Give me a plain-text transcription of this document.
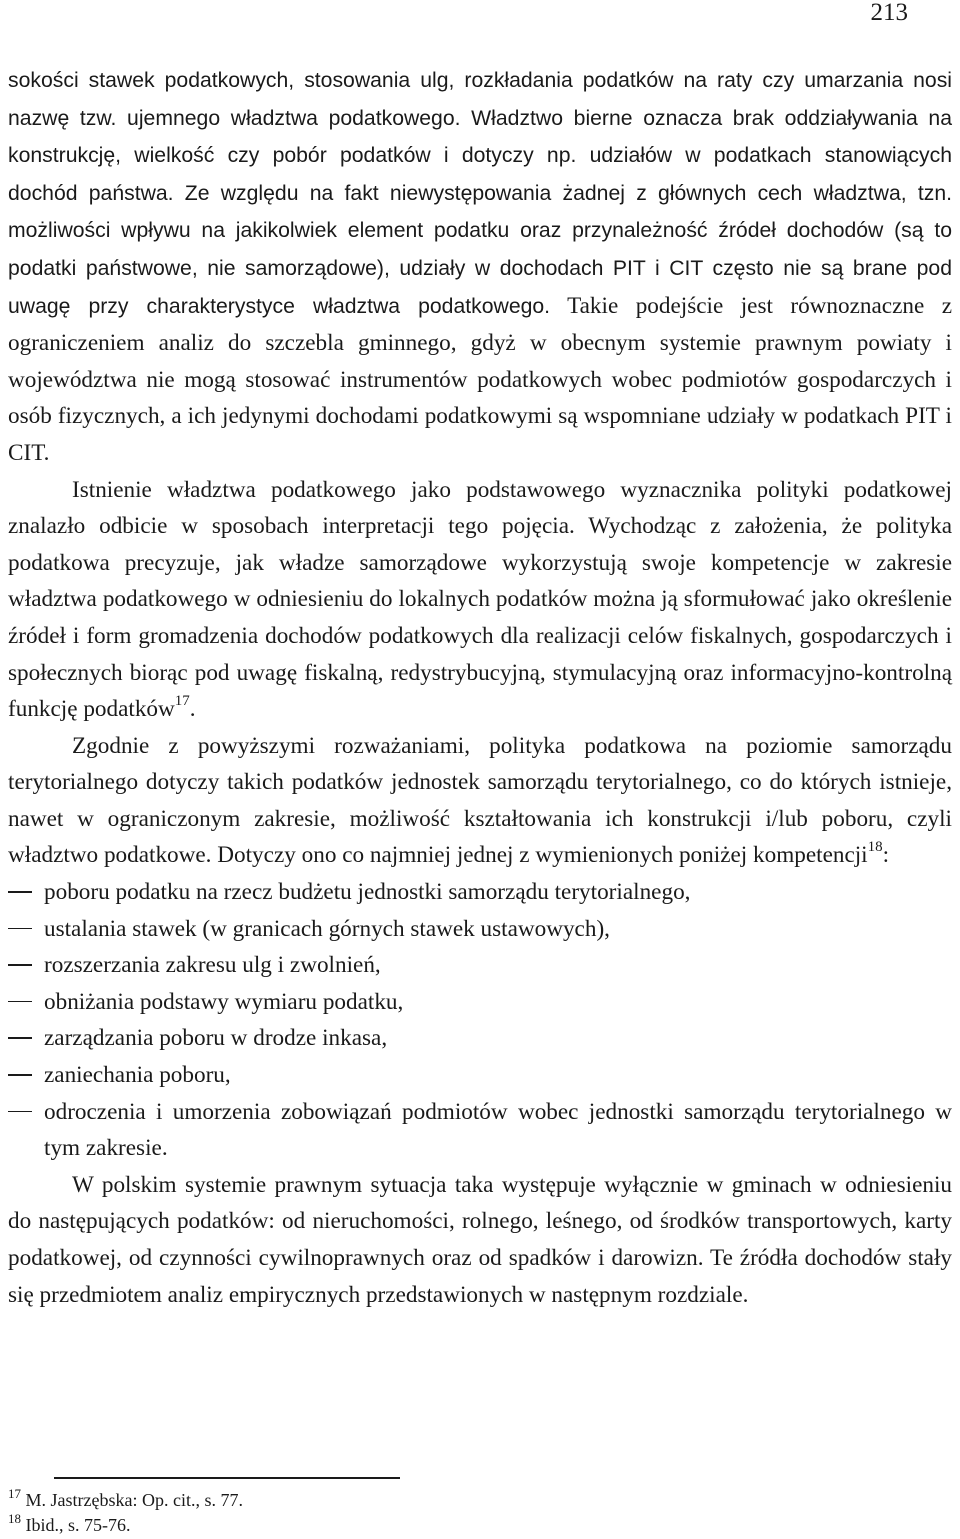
213

sokości stawek podatkowych, stosowania ulg, rozkładania podatków na raty czy umarzania nosi nazwę tzw. ujemnego władztwa podatkowego. Władztwo bierne oznacza brak oddziaływania na konstrukcję, wielkość czy pobór podatków i dotyczy np. udziałów w podatkach stanowiących dochód państwa. Ze względu na fakt niewystępowania żadnej z głównych cech władztwa, tzn. możliwości wpływu na jakikolwiek element podatku oraz przynależność źródeł dochodów (są to podatki państwowe, nie samorządowe), udziały w dochodach PIT i CIT często nie są brane pod uwagę przy charakterystyce władztwa podatkowego. Takie podejście jest równoznaczne z ograniczeniem analiz do szczebla gminnego, gdyż w obecnym systemie prawnym powiaty i województwa nie mogą stosować instrumentów podatkowych wobec podmiotów gospodarczych i osób fizycznych, a ich jedynymi dochodami podatkowymi są wspomniane udziały w podatkach PIT i CIT.

Istnienie władztwa podatkowego jako podstawowego wyznacznika polityki podatkowej znalazło odbicie w sposobach interpretacji tego pojęcia. Wychodząc z założenia, że polityka podatkowa precyzuje, jak władze samorządowe wykorzystują swoje kompetencje w zakresie władztwa podatkowego w odniesieniu do lokalnych podatków można ją sformułować jako określenie źródeł i form gromadzenia dochodów podatkowych dla realizacji celów fiskalnych, gospodarczych i społecznych biorąc pod uwagę fiskalną, redystrybucyjną, stymulacyjną oraz informacyjno-kontrolną funkcję podatków$^{17}$.

Zgodnie z powyższymi rozważaniami, polityka podatkowa na poziomie samorządu terytorialnego dotyczy takich podatków jednostek samorządu terytorialnego, co do których istnieje, nawet w ograniczonym zakresie, możliwość kształtowania ich konstrukcji i/lub poboru, czyli władztwo podatkowe. Dotyczy ono co najmniej jednej z wymienionych poniżej kompetencji$^{18}$:

poboru podatku na rzecz budżetu jednostki samorządu terytorialnego,
ustalania stawek (w granicach górnych stawek ustawowych),
rozszerzania zakresu ulg i zwolnień,
obniżania podstawy wymiaru podatku,
zarządzania poboru w drodze inkasa,
zaniechania poboru,
odroczenia i umorzenia zobowiązań podmiotów wobec jednostki samorządu terytorialnego w tym zakresie.

W polskim systemie prawnym sytuacja taka występuje wyłącznie w gminach w odniesieniu do następujących podatków: od nieruchomości, rolnego, leśnego, od środków transportowych, karty podatkowej, od czynności cywilnoprawnych oraz od spadków i darowizn. Te źródła dochodów stały się przedmiotem analiz empirycznych przedstawionych w następnym rozdziale.

$^{17}$ M. Jastrzębska: Op. cit., s. 77.
$^{18}$ Ibid., s. 75-76.
